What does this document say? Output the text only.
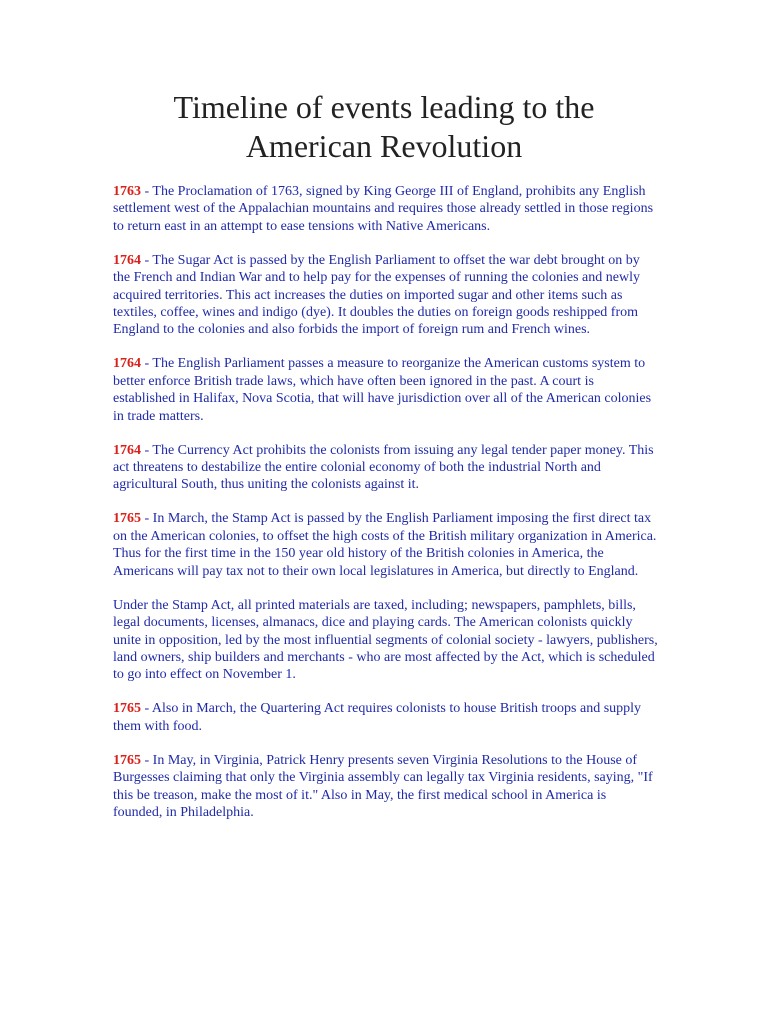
Timeline of events leading to the
American Revolution

1763 - The Proclamation of 1763, signed by King George III of England, prohibits any English settlement west of the Appalachian mountains and requires those already settled in those regions to return east in an attempt to ease tensions with Native Americans.

1764 - The Sugar Act is passed by the English Parliament to offset the war debt brought on by the French and Indian War and to help pay for the expenses of running the colonies and newly acquired territories. This act increases the duties on imported sugar and other items such as textiles, coffee, wines and indigo (dye). It doubles the duties on foreign goods reshipped from England to the colonies and also forbids the import of foreign rum and French wines.

1764 - The English Parliament passes a measure to reorganize the American customs system to better enforce British trade laws, which have often been ignored in the past. A court is established in Halifax, Nova Scotia, that will have jurisdiction over all of the American colonies in trade matters.

1764 - The Currency Act prohibits the colonists from issuing any legal tender paper money. This act threatens to destabilize the entire colonial economy of both the industrial North and agricultural South, thus uniting the colonists against it.

1765 - In March, the Stamp Act is passed by the English Parliament imposing the first direct tax on the American colonies, to offset the high costs of the British military organization in America. Thus for the first time in the 150 year old history of the British colonies in America, the Americans will pay tax not to their own local legislatures in America, but directly to England.

Under the Stamp Act, all printed materials are taxed, including; newspapers, pamphlets, bills, legal documents, licenses, almanacs, dice and playing cards. The American colonists quickly unite in opposition, led by the most influential segments of colonial society - lawyers, publishers, land owners, ship builders and merchants - who are most affected by the Act, which is scheduled to go into effect on November 1.

1765 - Also in March, the Quartering Act requires colonists to house British troops and supply them with food.

1765 - In May, in Virginia, Patrick Henry presents seven Virginia Resolutions to the House of Burgesses claiming that only the Virginia assembly can legally tax Virginia residents, saying, "If this be treason, make the most of it." Also in May, the first medical school in America is founded, in Philadelphia.
